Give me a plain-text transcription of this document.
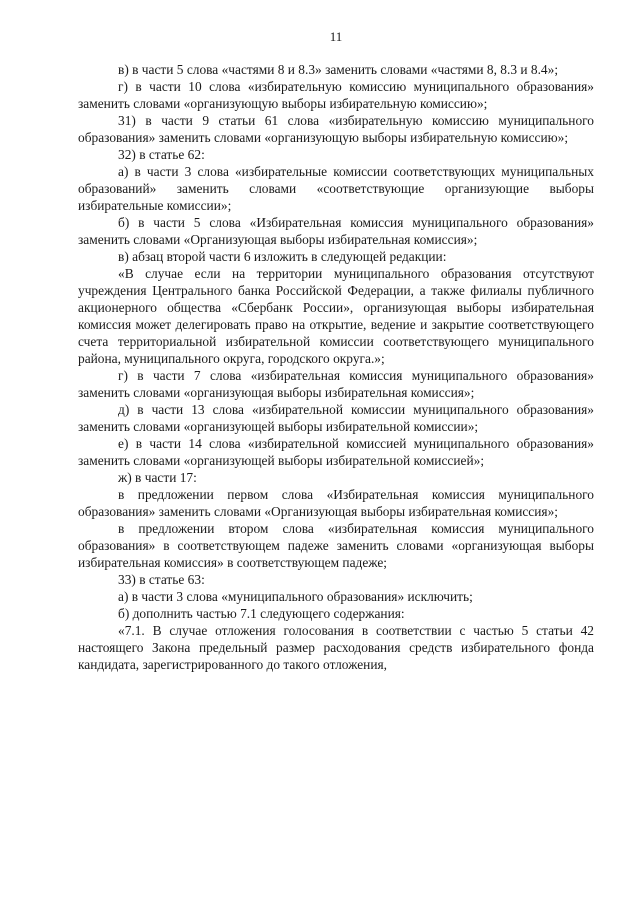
11

в) в части 5 слова «частями 8 и 8.3» заменить словами «частями 8, 8.3 и 8.4»;

г) в части 10 слова «избирательную комиссию муниципального образования» заменить словами «организующую выборы избирательную комиссию»;

31) в части 9 статьи 61 слова «избирательную комиссию муниципального образования» заменить словами «организующую выборы избирательную комиссию»;

32) в статье 62:

а) в части 3 слова «избирательные комиссии соответствующих муниципальных образований» заменить словами «соответствующие организующие выборы избирательные комиссии»;

б) в части 5 слова «Избирательная комиссия муниципального образования» заменить словами «Организующая выборы избирательная комиссия»;

в) абзац второй части 6 изложить в следующей редакции:

«В случае если на территории муниципального образования отсутствуют учреждения Центрального банка Российской Федерации, а также филиалы публичного акционерного общества «Сбербанк России», организующая выборы избирательная комиссия может делегировать право на открытие, ведение и закрытие соответствующего счета территориальной избирательной комиссии соответствующего муниципального района, муниципального округа, городского округа.»;

г) в части 7 слова «избирательная комиссия муниципального образования» заменить словами «организующая выборы избирательная комиссия»;

д) в части 13 слова «избирательной комиссии муниципального образования» заменить словами «организующей выборы избирательной комиссии»;

е) в части 14 слова «избирательной комиссией муниципального образования» заменить словами «организующей выборы избирательной комиссией»;

ж) в части 17:

в предложении первом слова «Избирательная комиссия муниципального образования» заменить словами «Организующая выборы избирательная комиссия»;

в предложении втором слова «избирательная комиссия муниципального образования» в соответствующем падеже заменить словами «организующая выборы избирательная комиссия» в соответствующем падеже;

33) в статье 63:

а) в части 3 слова «муниципального образования» исключить;

б) дополнить частью 7.1 следующего содержания:

«7.1. В случае отложения голосования в соответствии с частью 5 статьи 42 настоящего Закона предельный размер расходования средств избирательного фонда кандидата, зарегистрированного до такого отложения,
